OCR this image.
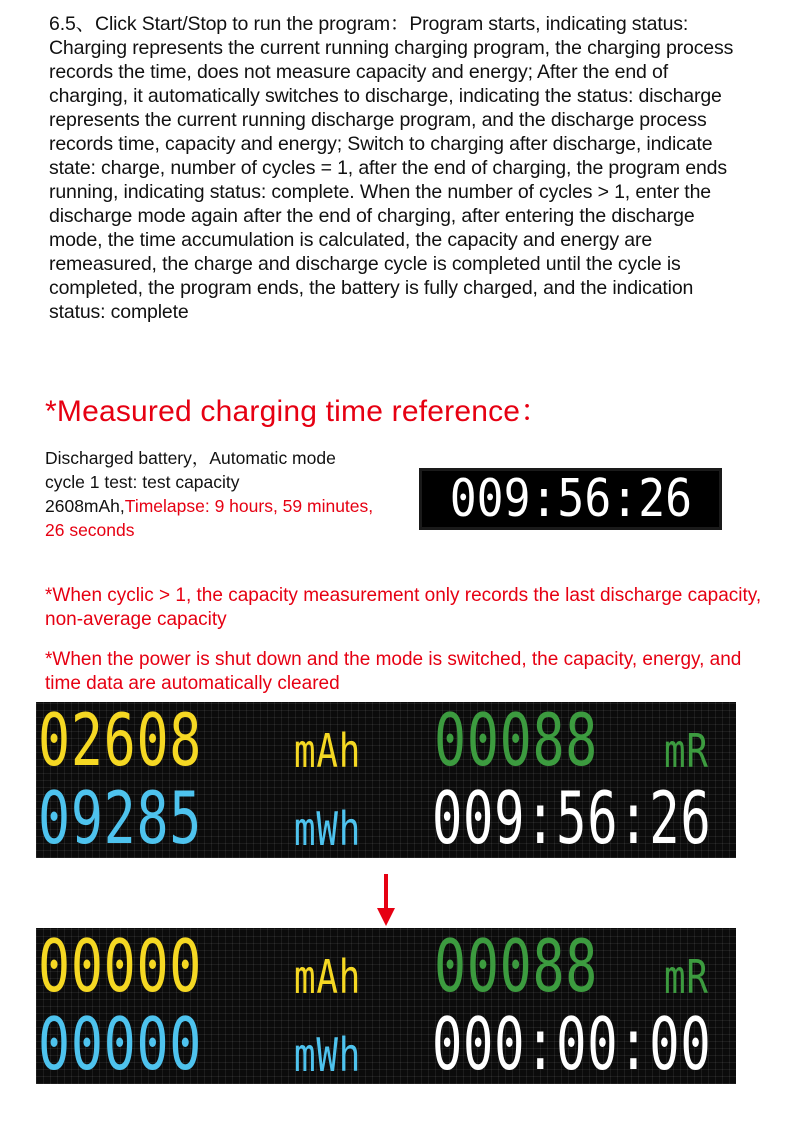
6.5、Click Start/Stop to run the program：Program starts, indicating status: Charging represents the current running charging program, the charging process records the time, does not measure capacity and energy; After the end of charging, it automatically switches to discharge, indicating the status: discharge represents the current running discharge program, and the discharge process records time, capacity and energy; Switch to charging after discharge, indicate state: charge, number of cycles = 1, after the end of charging, the program ends running, indicating status: complete. When the number of cycles > 1, enter the discharge mode again after the end of charging, after entering the discharge mode, the time accumulation is calculated, the capacity and energy are remeasured, the charge and discharge cycle is completed until the cycle is completed, the program ends, the battery is fully charged, and the indication status: complete

*Measured charging time reference：

Discharged battery，Automatic mode
cycle 1 test: test capacity
2608mAh,Timelapse: 9 hours, 59 minutes,
26 seconds

009:56:26

*When cyclic > 1, the capacity measurement only records the last discharge capacity, non-average capacity

*When the power is shut down and the mode is switched, the capacity, energy, and time data are automatically cleared

02608 mAh 00088 mR
09285 mWh 009:56:26
00000 mAh 00088 mR
00000 mWh 000:00:00
